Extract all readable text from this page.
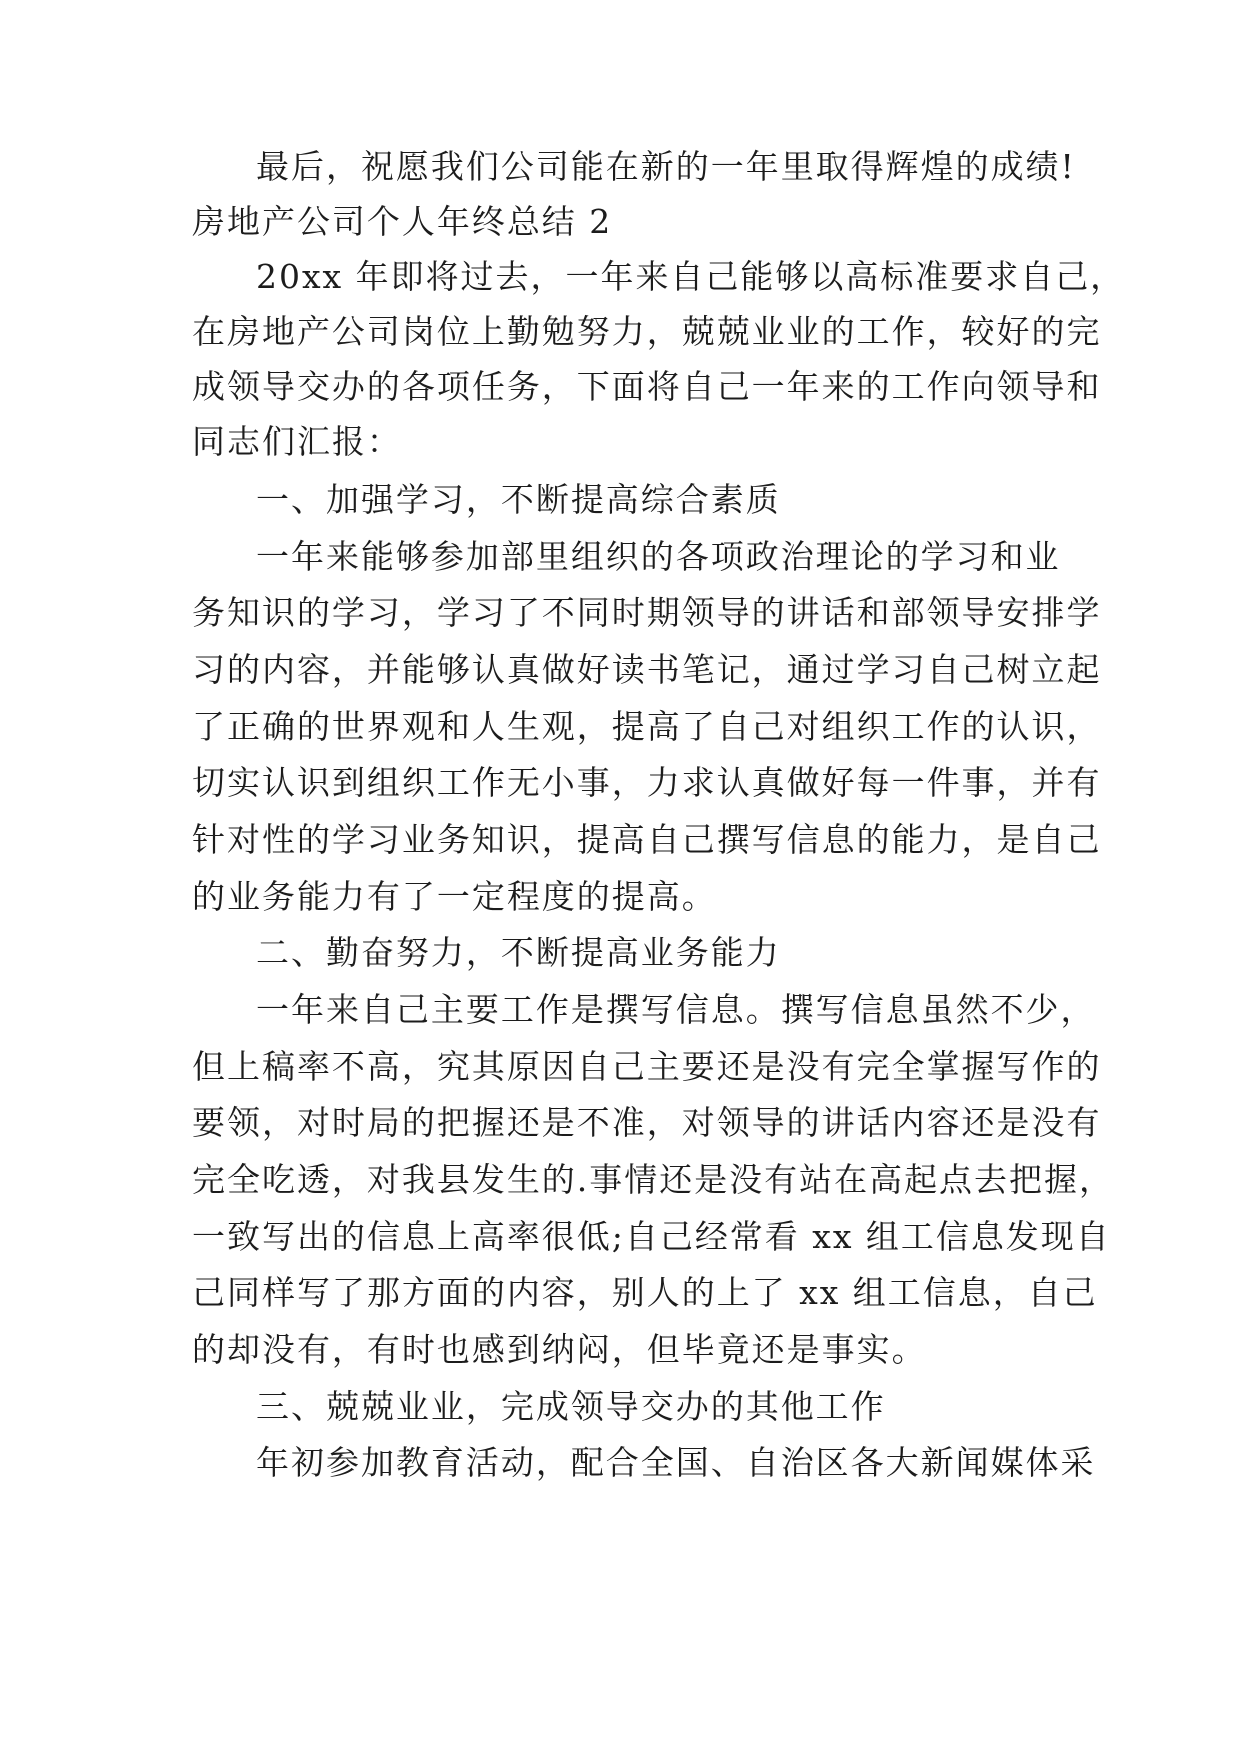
最后，祝愿我们公司能在新的一年里取得辉煌的成绩!
房地产公司个人年终总结 2
20xx 年即将过去，一年来自己能够以高标准要求自己，
在房地产公司岗位上勤勉努力，兢兢业业的工作，较好的完
成领导交办的各项任务，下面将自己一年来的工作向领导和
同志们汇报：
一、加强学习，不断提高综合素质
一年来能够参加部里组织的各项政治理论的学习和业
务知识的学习，学习了不同时期领导的讲话和部领导安排学
习的内容，并能够认真做好读书笔记，通过学习自己树立起
了正确的世界观和人生观，提高了自己对组织工作的认识，
切实认识到组织工作无小事，力求认真做好每一件事，并有
针对性的学习业务知识，提高自己撰写信息的能力，是自己
的业务能力有了一定程度的提高。
二、勤奋努力，不断提高业务能力
一年来自己主要工作是撰写信息。撰写信息虽然不少，
但上稿率不高，究其原因自己主要还是没有完全掌握写作的
要领，对时局的把握还是不准，对领导的讲话内容还是没有
完全吃透，对我县发生的.事情还是没有站在高起点去把握，
一致写出的信息上高率很低;自己经常看 xx 组工信息发现自
己同样写了那方面的内容，别人的上了 xx 组工信息，自己
的却没有，有时也感到纳闷，但毕竟还是事实。
三、兢兢业业，完成领导交办的其他工作
年初参加教育活动，配合全国、自治区各大新闻媒体采
